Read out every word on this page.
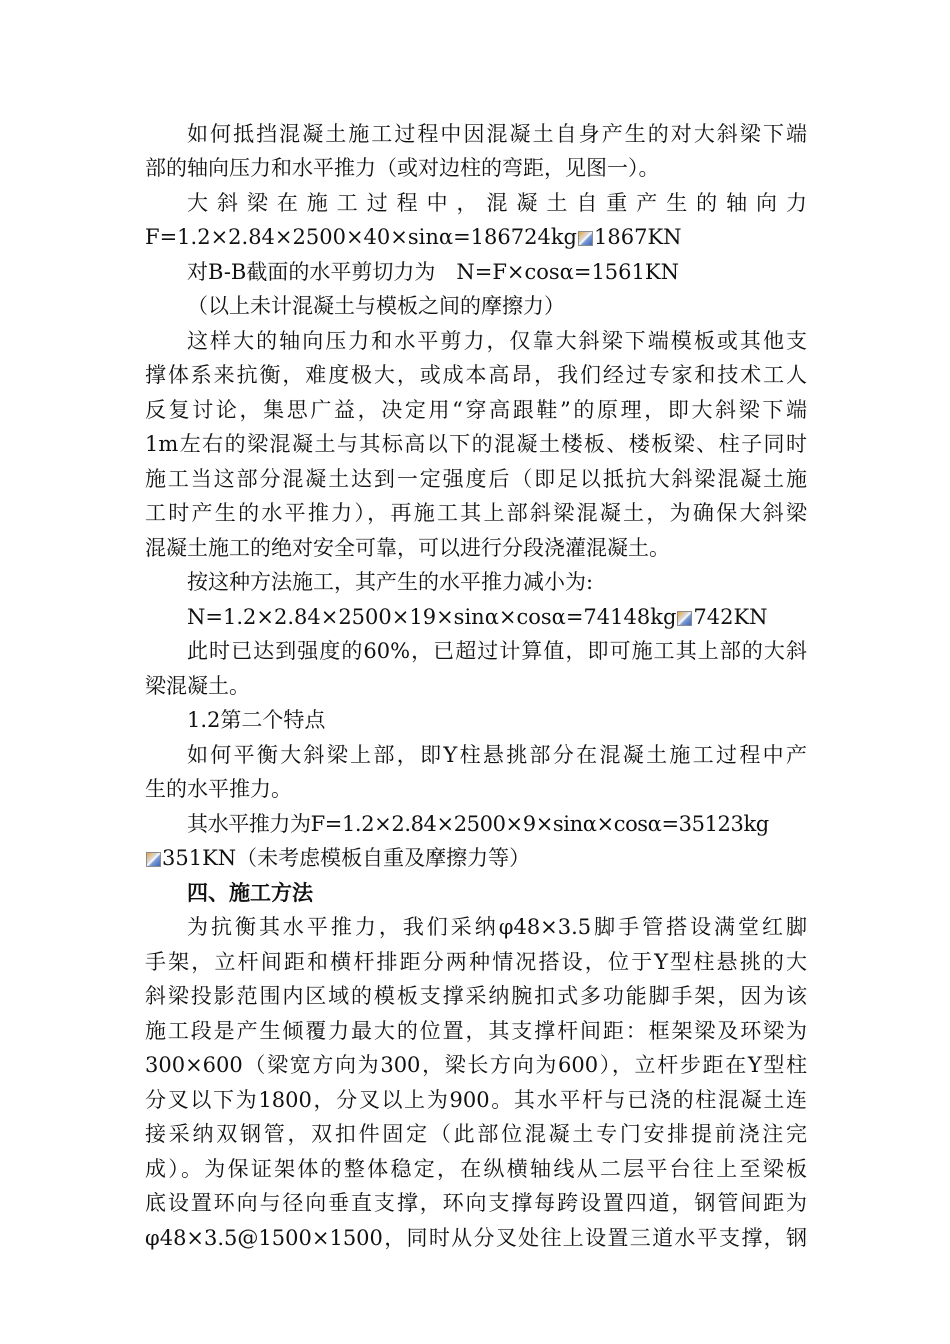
如何抵挡混凝土施工过程中因混凝土自身产生的对大斜梁下端
部的轴向压力和水平推力（或对边柱的弯距，见图一）。
大斜梁在施工过程中，混凝土自重产生的轴向力
F=1.2×2.84×2500×40×sinα=186724kg 1867KN
对B-B截面的水平剪切力为　N=F×cosα=1561KN
（以上未计混凝土与模板之间的摩擦力）
这样大的轴向压力和水平剪力，仅靠大斜梁下端模板或其他支
撑体系来抗衡，难度极大，或成本高昂，我们经过专家和技术工人
反复讨论，集思广益，决定用“穿高跟鞋”的原理，即大斜梁下端
1m左右的梁混凝土与其标高以下的混凝土楼板、楼板梁、柱子同时
施工当这部分混凝土达到一定强度后（即足以抵抗大斜梁混凝土施
工时产生的水平推力），再施工其上部斜梁混凝土，为确保大斜梁
混凝土施工的绝对安全可靠，可以进行分段浇灌混凝土。
按这种方法施工，其产生的水平推力减小为:
N=1.2×2.84×2500×19×sinα×cosα=74148kg 742KN
此时已达到强度的60%，已超过计算值，即可施工其上部的大斜
梁混凝土。
1.2第二个特点
如何平衡大斜梁上部，即Y柱悬挑部分在混凝土施工过程中产
生的水平推力。
其水平推力为F=1.2×2.84×2500×9×sinα×cosα=35123kg
351KN（未考虑模板自重及摩擦力等）
四、施工方法
为抗衡其水平推力，我们采纳φ48×3.5脚手管搭设满堂红脚
手架，立杆间距和横杆排距分两种情况搭设，位于Y型柱悬挑的大
斜梁投影范围内区域的模板支撑采纳腕扣式多功能脚手架，因为该
施工段是产生倾覆力最大的位置，其支撑杆间距：框架梁及环梁为
300×600（梁宽方向为300，梁长方向为600），立杆步距在Y型柱
分叉以下为1800，分叉以上为900。其水平杆与已浇的柱混凝土连
接采纳双钢管，双扣件固定（此部位混凝土专门安排提前浇注完
成）。为保证架体的整体稳定，在纵横轴线从二层平台往上至梁板
底设置环向与径向垂直支撑，环向支撑每跨设置四道，钢管间距为
φ48×3.5@1500×1500，同时从分叉处往上设置三道水平支撑，钢
